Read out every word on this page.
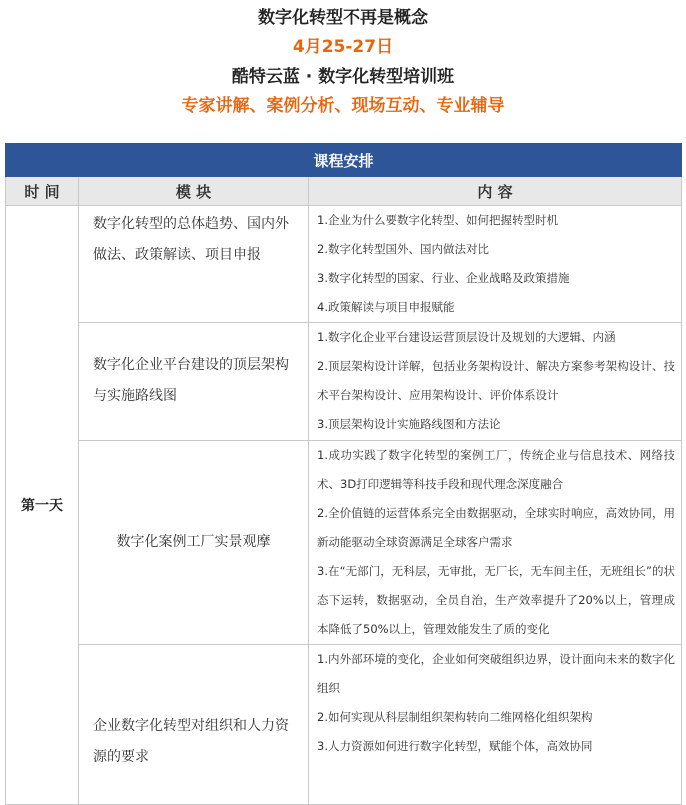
数字化转型不再是概念
4月25-27日
酷特云蓝 · 数字化转型培训班
专家讲解、案例分析、现场互动、专业辅导
课程安排		
时 间	模 块	内 容
第一天	数字化转型的总体趋势、国内外做法、政策解读、项目申报	1.企业为什么要数字化转型、如何把握转型时机

2.数字化转型国外、国内做法对比

3.数字化转型的国家、行业、企业战略及政策措施

4.政策解读与项目申报赋能

	数字化企业平台建设的顶层架构与实施路线图	1.数字化企业平台建设运营顶层设计及规划的大逻辑、内涵

2.顶层架构设计详解，包括业务架构设计、解决方案参考架构设计、技术平台架构设计、应用架构设计、评价体系设计

3.顶层架构设计实施路线图和方法论

	数字化案例工厂实景观摩	1.成功实践了数字化转型的案例工厂，传统企业与信息技术、网络技术、3D打印逻辑等科技手段和现代理念深度融合

2.全价值链的运营体系完全由数据驱动，全球实时响应，高效协同，用新动能驱动全球资源满足全球客户需求

3.在“无部门，无科层，无审批，无厂长，无车间主任，无班组长”的状态下运转，数据驱动，全员自治，生产效率提升了20%以上，管理成本降低了50%以上，管理效能发生了质的变化

	企业数字化转型对组织和人力资源的要求	1.内外部环境的变化，企业如何突破组织边界，设计面向未来的数字化组织

2.如何实现从科层制组织架构转向二维网格化组织架构

3.人力资源如何进行数字化转型，赋能个体，高效协同
